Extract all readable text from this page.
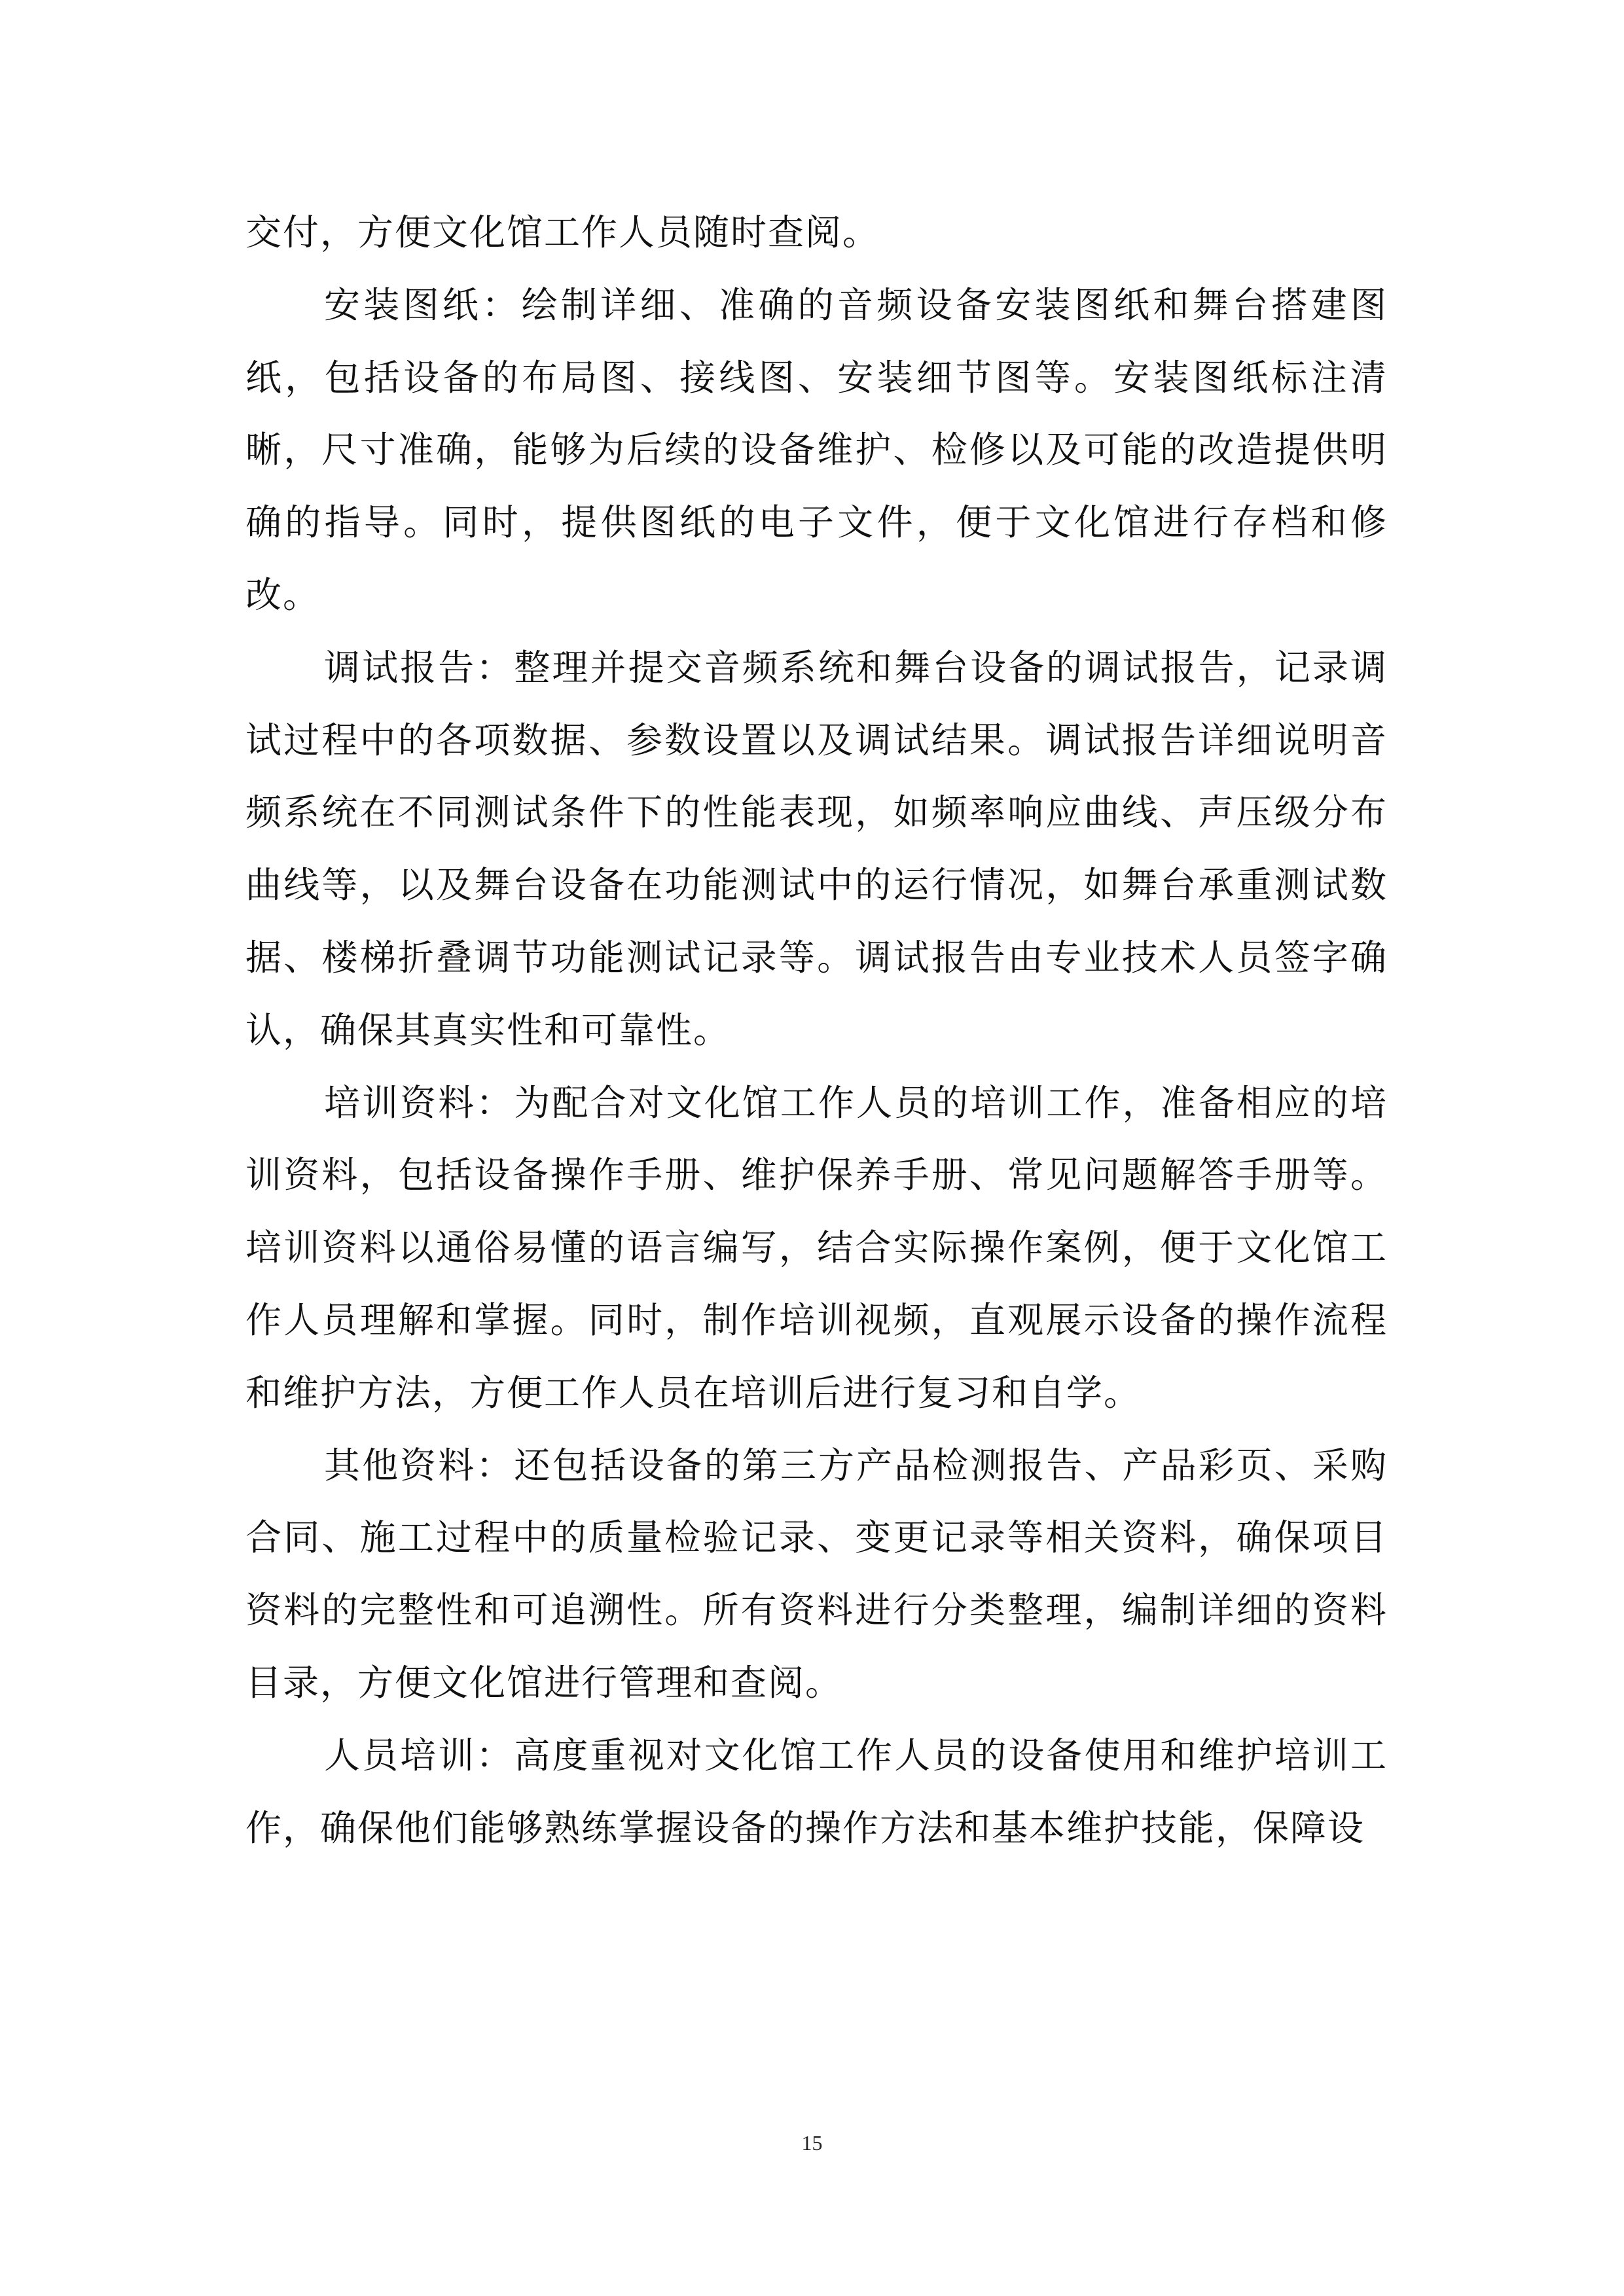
交付，方便文化馆工作人员随时查阅。

安装图纸：绘制详细、准确的音频设备安装图纸和舞台搭建图纸，包括设备的布局图、接线图、安装细节图等。安装图纸标注清晰，尺寸准确，能够为后续的设备维护、检修以及可能的改造提供明确的指导。同时，提供图纸的电子文件，便于文化馆进行存档和修改。

调试报告：整理并提交音频系统和舞台设备的调试报告，记录调试过程中的各项数据、参数设置以及调试结果。调试报告详细说明音频系统在不同测试条件下的性能表现，如频率响应曲线、声压级分布曲线等，以及舞台设备在功能测试中的运行情况，如舞台承重测试数据、楼梯折叠调节功能测试记录等。调试报告由专业技术人员签字确认，确保其真实性和可靠性。

培训资料：为配合对文化馆工作人员的培训工作，准备相应的培训资料，包括设备操作手册、维护保养手册、常见问题解答手册等。培训资料以通俗易懂的语言编写，结合实际操作案例，便于文化馆工作人员理解和掌握。同时，制作培训视频，直观展示设备的操作流程和维护方法，方便工作人员在培训后进行复习和自学。

其他资料：还包括设备的第三方产品检测报告、产品彩页、采购合同、施工过程中的质量检验记录、变更记录等相关资料，确保项目资料的完整性和可追溯性。所有资料进行分类整理，编制详细的资料目录，方便文化馆进行管理和查阅。

人员培训：高度重视对文化馆工作人员的设备使用和维护培训工作，确保他们能够熟练掌握设备的操作方法和基本维护技能，保障设

15
